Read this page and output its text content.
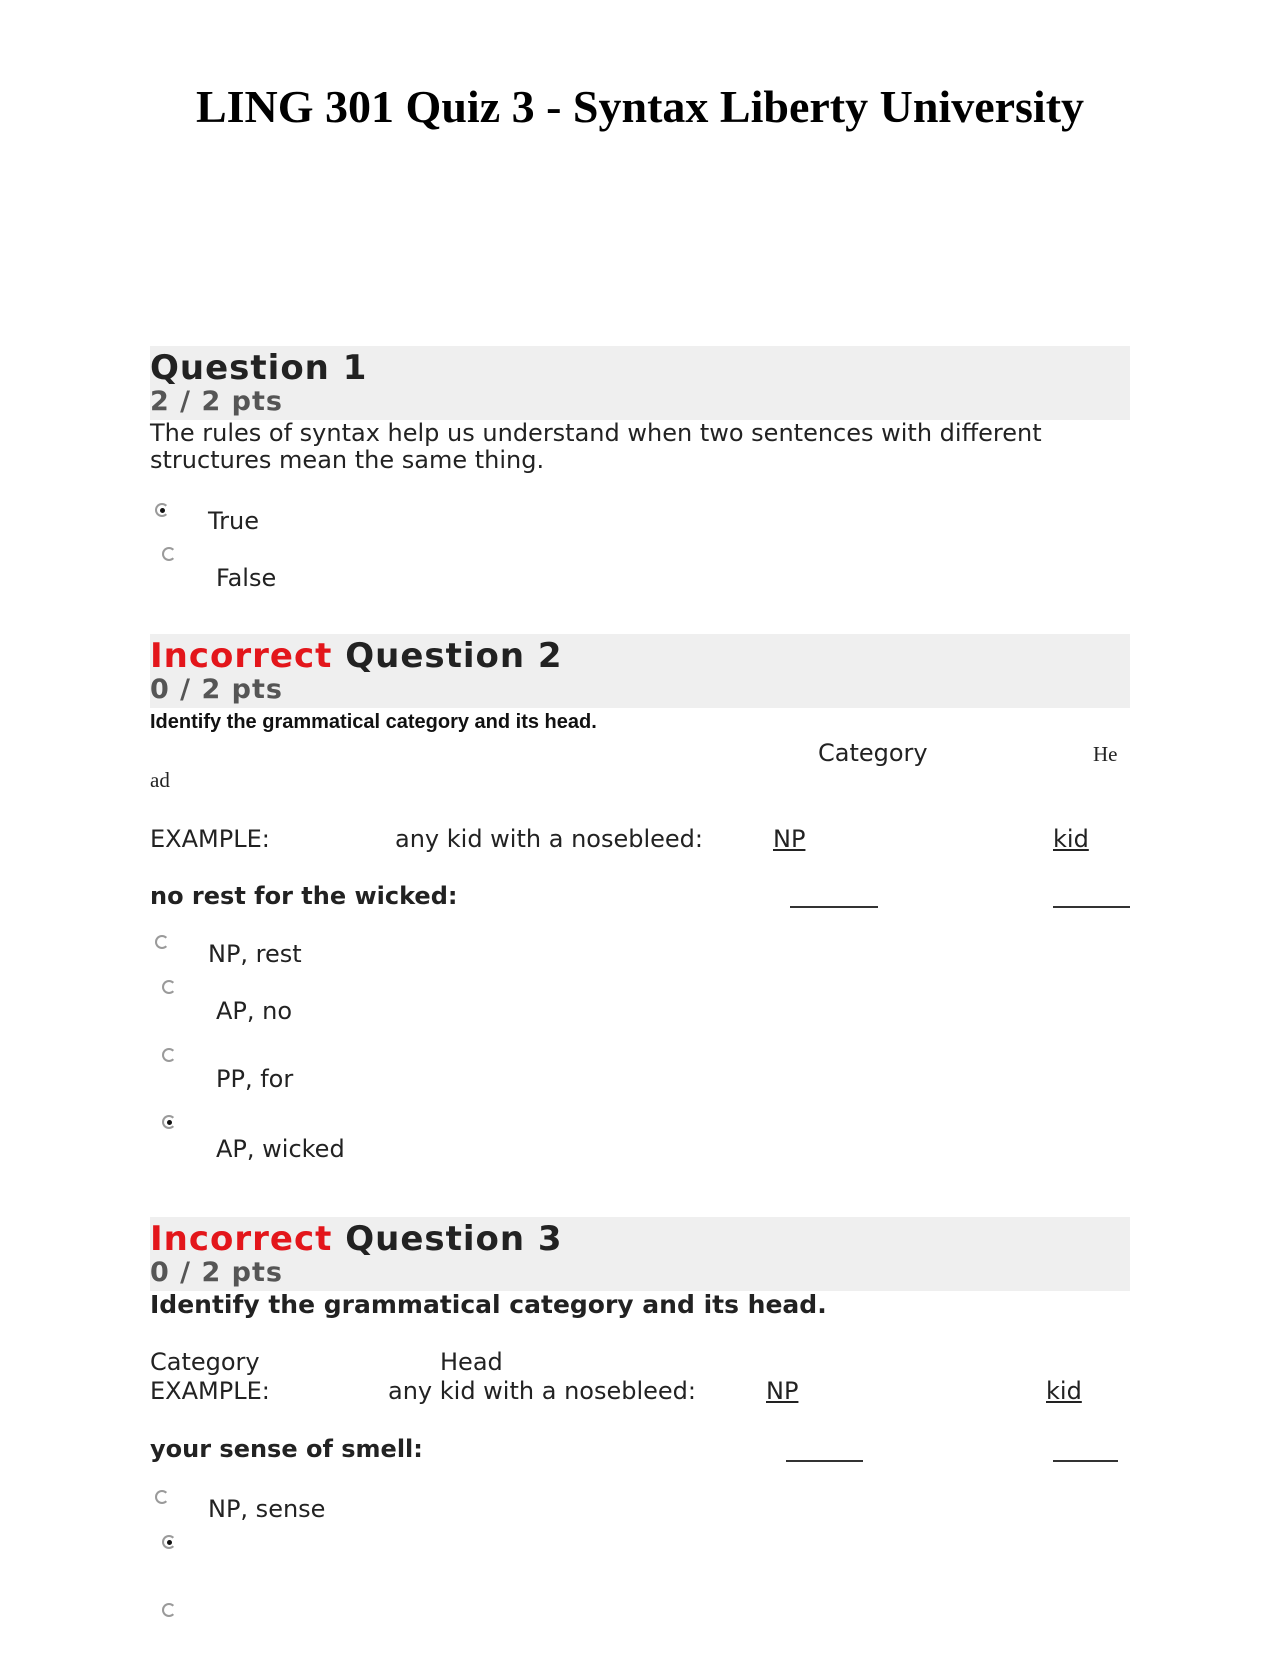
LING 301 Quiz 3 - Syntax Liberty University
Question 1
2 / 2 pts
The rules of syntax help us understand when two sentences with different structures mean the same thing.
True
False
Incorrect Question 2
0 / 2 pts
Identify the grammatical category and its head.
Category	He
ad
EXAMPLE:	any kid with a nosebleed:	NP	kid
no rest for the wicked:
NP, rest
AP, no
PP, for
AP, wicked
Incorrect Question 3
0 / 2 pts
Identify the grammatical category and its head.
Category	Head
EXAMPLE:	any kid with a nosebleed:	NP	kid
your sense of smell:
NP, sense
